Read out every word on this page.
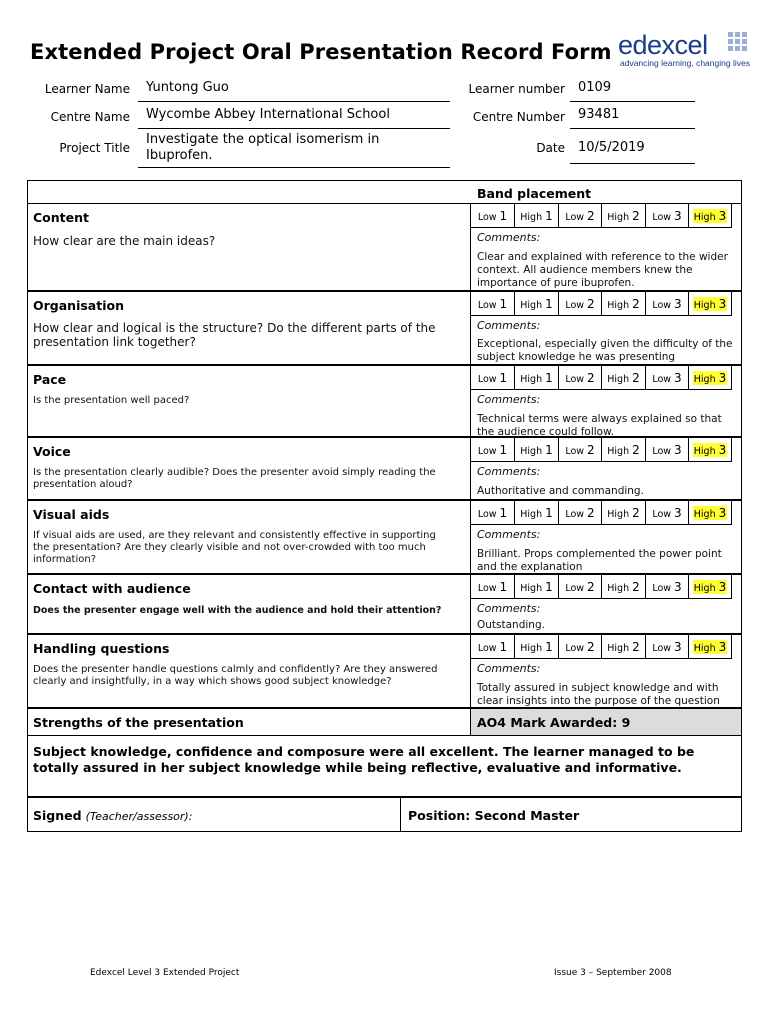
Extended Project Oral Presentation Record Form edexcel
advancing learning, changing lives
Learner Name	Yuntong Guo
Centre Name	Wycombe Abbey International School
Project Title
Investigate the optical isomerism in Ibuprofen.
Learner number	0109
Centre Number	93481
Date	10/5/2019
Band placement
Content
How clear are the main ideas?
Low 1 High 1 Low 2 High 2 Low 3 High 3
Comments:
Clear and explained with reference to the wider context. All audience members knew the importance of pure ibuprofen.
Organisation
How clear and logical is the structure? Do the different parts of the presentation link together?
Low 1 High 1 Low 2 High 2 Low 3 High 3
Comments:
Exceptional, especially given the difficulty of the subject knowledge he was presenting
Pace
Is the presentation well paced?
Low 1 High 1 Low 2 High 2 Low 3 High 3
Comments:
Technical terms were always explained so that the audience could follow.
Voice
Is the presentation clearly audible? Does the presenter avoid simply reading the presentation aloud?
Low 1 High 1 Low 2 High 2 Low 3 High 3
Comments:
Authoritative and commanding.
Visual aids
If visual aids are used, are they relevant and consistently effective in supporting the presentation? Are they clearly visible and not over-crowded with too much information?
Low 1 High 1 Low 2 High 2 Low 3 High 3
Comments:
Brilliant. Props complemented the power point and the explanation
Contact with audience
Does the presenter engage well with the audience and hold their attention?
Low 1 High 1 Low 2 High 2 Low 3 High 3
Comments:
Outstanding.
Handling questions
Does the presenter handle questions calmly and confidently? Are they answered clearly and insightfully, in a way which shows good subject knowledge?
Low 1 High 1 Low 2 High 2 Low 3 High 3
Comments:
Totally assured in subject knowledge and with clear insights into the purpose of the question
Strengths of the presentation	AO4 Mark Awarded: 9
Subject knowledge, confidence and composure were all excellent. The learner managed to be totally assured in her subject knowledge while being reflective, evaluative and informative.
Signed (Teacher/assessor):	Position: Second Master
Edexcel Level 3 Extended Project	Issue 3 – September 2008
